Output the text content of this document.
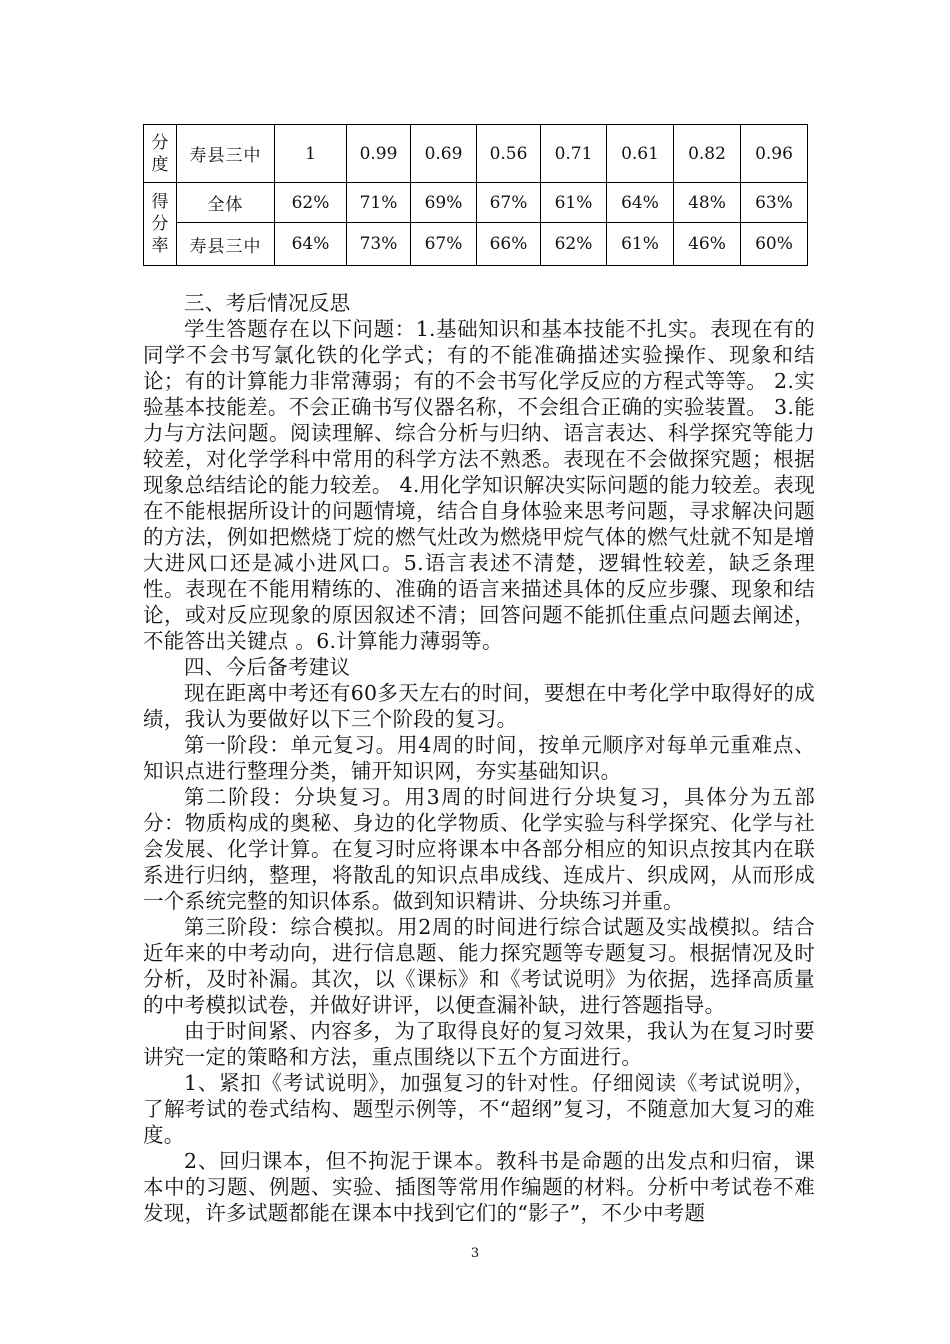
分度	寿县三中	1	0.99	0.69	0.56	0.71	0.61	0.82	0.96
得分率	全体	62%	71%	69%	67%	61%	64%	48%	63%
	寿县三中	64%	73%	67%	66%	62%	61%	46%	60%

三、考后情况反思

学生答题存在以下问题：1.基础知识和基本技能不扎实。表现在有的同学不会书写氯化铁的化学式；有的不能准确描述实验操作、现象和结论；有的计算能力非常薄弱；有的不会书写化学反应的方程式等等。 2.实验基本技能差。不会正确书写仪器名称，不会组合正确的实验装置。 3.能力与方法问题。阅读理解、综合分析与归纳、语言表达、科学探究等能力较差，对化学学科中常用的科学方法不熟悉。表现在不会做探究题；根据现象总结结论的能力较差。 4.用化学知识解决实际问题的能力较差。表现在不能根据所设计的问题情境，结合自身体验来思考问题，寻求解决问题的方法，例如把燃烧丁烷的燃气灶改为燃烧甲烷气体的燃气灶就不知是增大进风口还是减小进风口。5.语言表述不清楚，逻辑性较差，缺乏条理性。表现在不能用精练的、准确的语言来描述具体的反应步骤、现象和结论，或对反应现象的原因叙述不清；回答问题不能抓住重点问题去阐述，不能答出关键点 。6.计算能力薄弱等。

四、今后备考建议

现在距离中考还有60多天左右的时间，要想在中考化学中取得好的成绩，我认为要做好以下三个阶段的复习。

第一阶段：单元复习。用4周的时间，按单元顺序对每单元重难点、知识点进行整理分类，铺开知识网，夯实基础知识。

第二阶段：分块复习。用3周的时间进行分块复习，具体分为五部分：物质构成的奥秘、身边的化学物质、化学实验与科学探究、化学与社会发展、化学计算。在复习时应将课本中各部分相应的知识点按其内在联系进行归纳，整理，将散乱的知识点串成线、连成片、织成网，从而形成一个系统完整的知识体系。做到知识精讲、分块练习并重。

第三阶段：综合模拟。用2周的时间进行综合试题及实战模拟。结合近年来的中考动向，进行信息题、能力探究题等专题复习。根据情况及时分析，及时补漏。其次，以《课标》和《考试说明》为依据，选择高质量的中考模拟试卷，并做好讲评，以便查漏补缺，进行答题指导。

由于时间紧、内容多，为了取得良好的复习效果，我认为在复习时要讲究一定的策略和方法，重点围绕以下五个方面进行。

1、紧扣《考试说明》，加强复习的针对性。仔细阅读《考试说明》，了解考试的卷式结构、题型示例等，不“超纲”复习，不随意加大复习的难度。

2、回归课本，但不拘泥于课本。教科书是命题的出发点和归宿，课本中的习题、例题、实验、插图等常用作编题的材料。分析中考试卷不难发现，许多试题都能在课本中找到它们的“影子”，不少中考题

3
